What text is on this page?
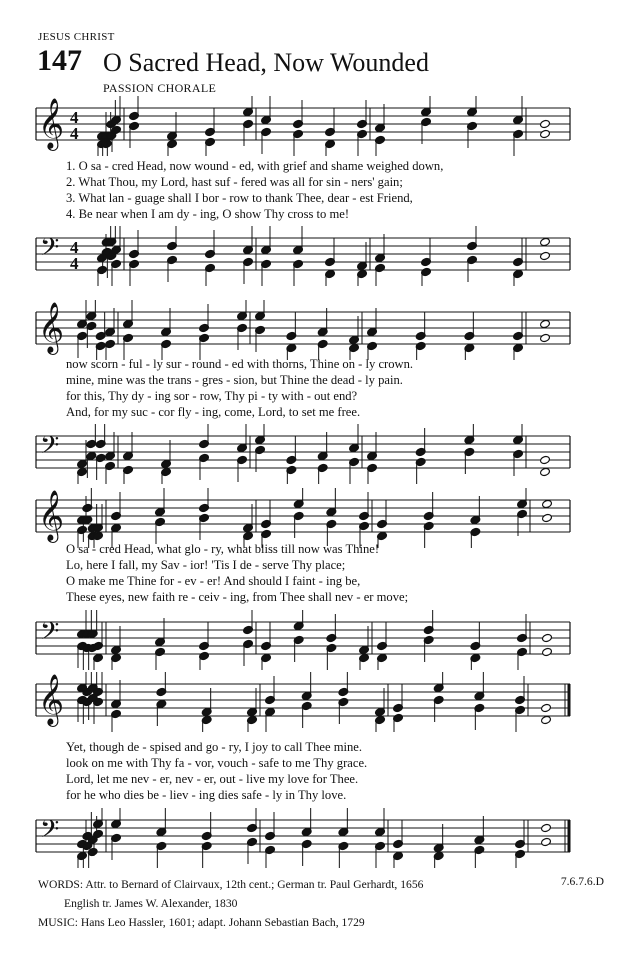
JESUS CHRIST
147 O Sacred Head, Now Wounded
PASSION CHORALE
𝄞 4
4
1. O sa - cred Head, now wound - ed, with grief and shame weighed down,
2. What Thou, my Lord, hast suf - fered was all for sin - ners' gain;
3. What lan - guage shall I bor - row to thank Thee, dear - est Friend,
4. Be near when I am dy - ing, O show Thy cross to me!
𝄢 4
4
𝄞
now scorn - ful - ly sur - round - ed with thorns, Thine on - ly crown.
mine, mine was the trans - gres - sion, but Thine the dead - ly pain.
for this, Thy dy - ing sor - row, Thy pi - ty with - out end?
And, for my suc - cor fly - ing, come, Lord, to set me free.
𝄢
𝄞
O sa - cred Head, what glo - ry, what bliss till now was Thine!
Lo, here I fall, my Sav - ior! 'Tis I de - serve Thy place;
O make me Thine for - ev - er! And should I faint - ing be,
These eyes, new faith re - ceiv - ing, from Thee shall nev - er move;
𝄢
𝄞
Yet, though de - spised and go - ry, I joy to call Thee mine.
look on me with Thy fa - vor, vouch - safe to me Thy grace.
Lord, let me nev - er, nev - er, out - live my love for Thee.
for he who dies be - liev - ing dies safe - ly in Thy love.
𝄢
WORDS: Attr. to Bernard of Clairvaux, 12th cent.; German tr. Paul Gerhardt, 1656
English tr. James W. Alexander, 1830
MUSIC: Hans Leo Hassler, 1601; adapt. Johann Sebastian Bach, 1729
7.6.7.6.D
